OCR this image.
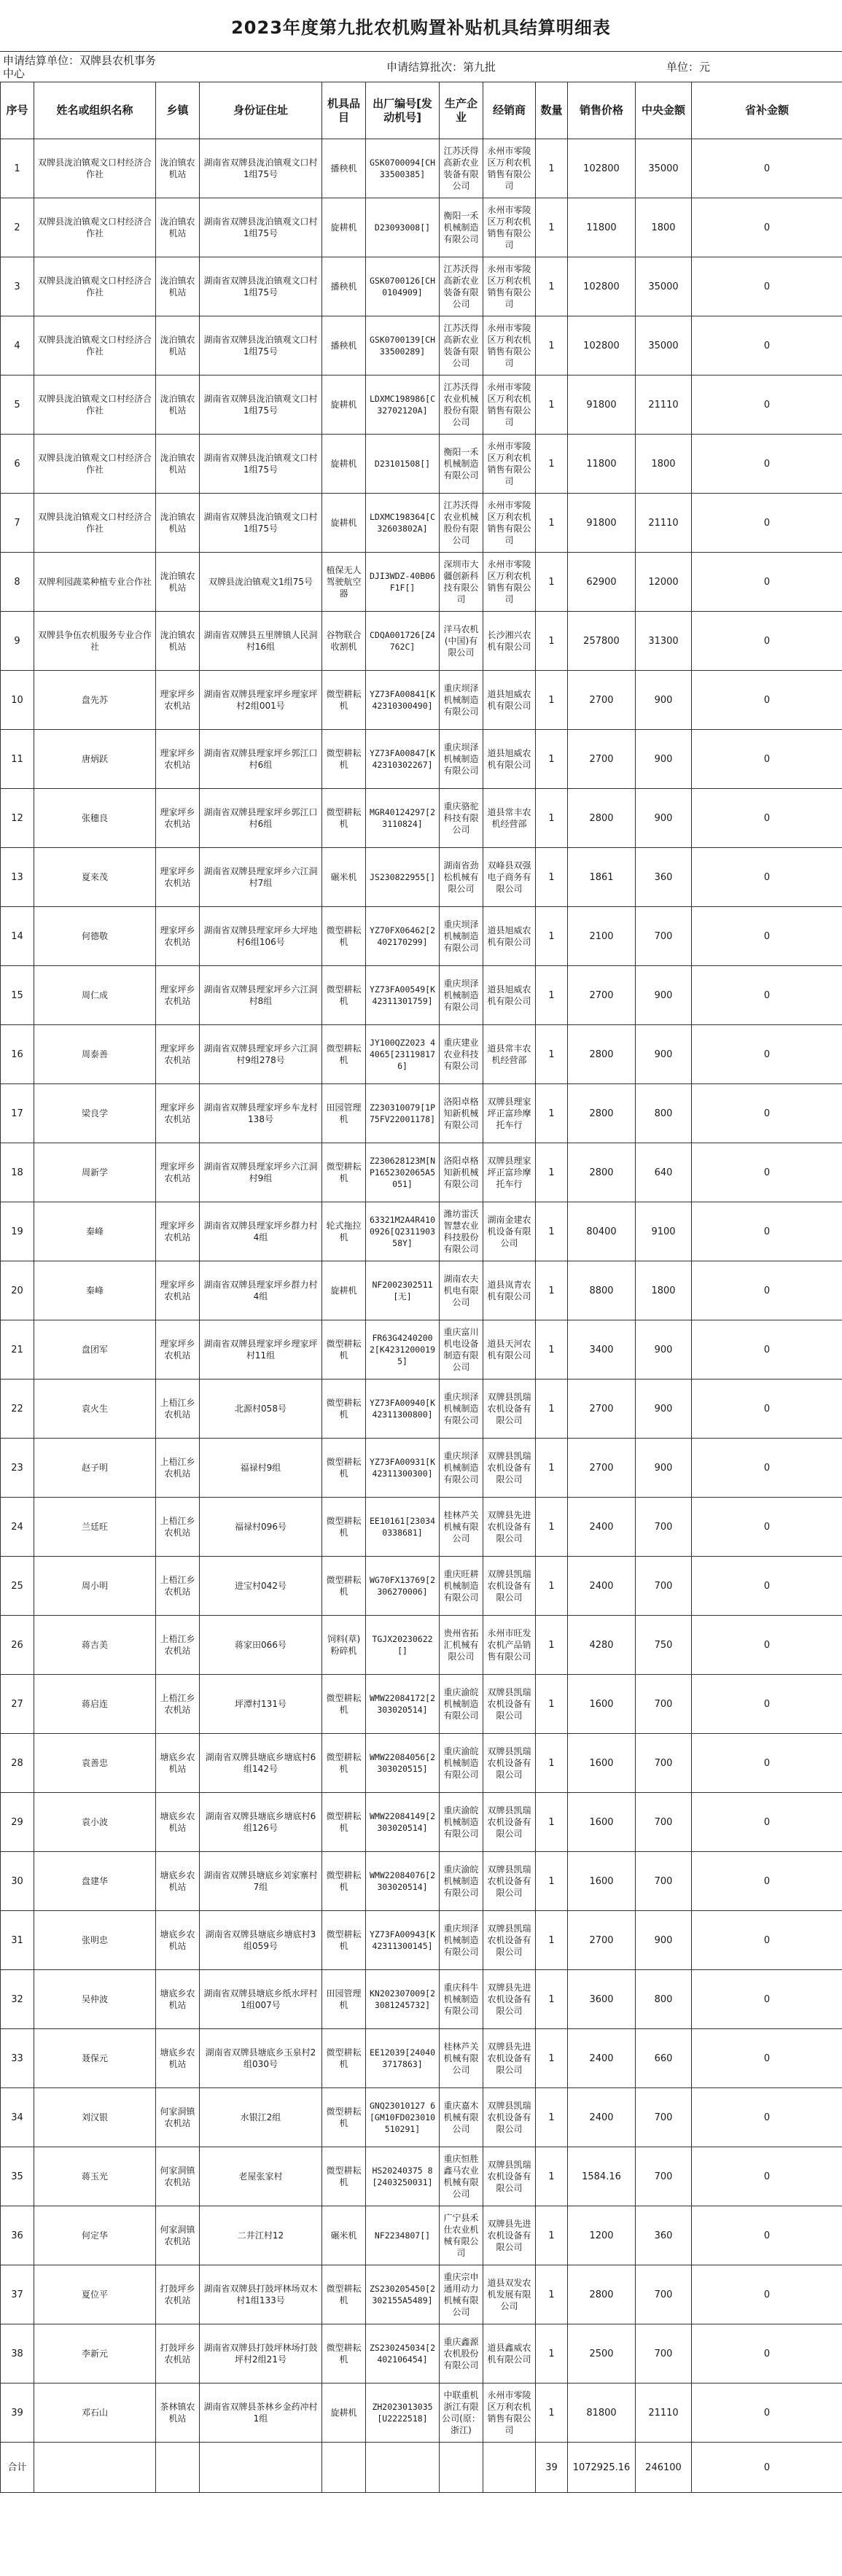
2023年度第九批农机购置补贴机具结算明细表
申请结算单位：双牌县农机事务中心	申请结算批次：第九批	单位：元
序号	姓名或组织名称	乡镇	身份证住址	机具品目	出厂编号[发动机号]	生产企业	经销商	数量	销售价格	中央金额	省补金额
1	双牌县泷泊镇观文口村经济合作社	泷泊镇农机站	湖南省双牌县泷泊镇观文口村1组75号	播秧机	GSK0700094[CH33500385]	江苏沃得高新农业装备有限公司	永州市零陵区万利农机销售有限公司	1	102800	35000	0
2	双牌县泷泊镇观文口村经济合作社	泷泊镇农机站	湖南省双牌县泷泊镇观文口村1组75号	旋耕机	D23093008[]	衡阳一禾机械制造有限公司	永州市零陵区万利农机销售有限公司	1	11800	1800	0
3	双牌县泷泊镇观文口村经济合作社	泷泊镇农机站	湖南省双牌县泷泊镇观文口村1组75号	播秧机	GSK0700126[CH0104909]	江苏沃得高新农业装备有限公司	永州市零陵区万利农机销售有限公司	1	102800	35000	0
4	双牌县泷泊镇观文口村经济合作社	泷泊镇农机站	湖南省双牌县泷泊镇观文口村1组75号	播秧机	GSK0700139[CH33500289]	江苏沃得高新农业装备有限公司	永州市零陵区万利农机销售有限公司	1	102800	35000	0
5	双牌县泷泊镇观文口村经济合作社	泷泊镇农机站	湖南省双牌县泷泊镇观文口村1组75号	旋耕机	LDXMC198986[C32702120A]	江苏沃得农业机械股份有限公司	永州市零陵区万利农机销售有限公司	1	91800	21110	0
6	双牌县泷泊镇观文口村经济合作社	泷泊镇农机站	湖南省双牌县泷泊镇观文口村1组75号	旋耕机	D23101508[]	衡阳一禾机械制造有限公司	永州市零陵区万利农机销售有限公司	1	11800	1800	0
7	双牌县泷泊镇观文口村经济合作社	泷泊镇农机站	湖南省双牌县泷泊镇观文口村1组75号	旋耕机	LDXMC198364[C32603802A]	江苏沃得农业机械股份有限公司	永州市零陵区万利农机销售有限公司	1	91800	21110	0
8	双牌利园蔬菜种植专业合作社	泷泊镇农机站	双牌县泷泊镇观文1组75号	植保无人驾驶航空器	DJI3WDZ-40B06F1F[]	深圳市大疆创新科技有限公司	永州市零陵区万利农机销售有限公司	1	62900	12000	0
9	双牌县争伍农机服务专业合作社	泷泊镇农机站	湖南省双牌县五里牌镇人民洞村16组	谷物联合收割机	CDQA001726[Z4762C]	洋马农机(中国)有限公司	长沙湘兴农机有限公司	1	257800	31300	0
10	盘先苏	理家坪乡农机站	湖南省双牌县理家坪乡理家坪村2组001号	微型耕耘机	YZ73FA00841[K42310300490]	重庆坝泽机械制造有限公司	道县旭威农机有限公司	1	2700	900	0
11	唐炳跃	理家坪乡农机站	湖南省双牌县理家坪乡郭江口村6组	微型耕耘机	YZ73FA00847[K42310302267]	重庆坝泽机械制造有限公司	道县旭威农机有限公司	1	2700	900	0
12	张穗良	理家坪乡农机站	湖南省双牌县理家坪乡郭江口村6组	微型耕耘机	MGR40124297[23110824]	重庆骆驼科技有限公司	道县常丰农机经营部	1	2800	900	0
13	夏来茂	理家坪乡农机站	湖南省双牌县理家坪乡六江洞村7组	碾米机	JS230822955[]	湖南省劲松机械有限公司	双峰县双强电子商务有限公司	1	1861	360	0
14	何德敬	理家坪乡农机站	湖南省双牌县理家坪乡大坪地村6组106号	微型耕耘机	YZ70FX06462[2402170299]	重庆坝泽机械制造有限公司	道县旭威农机有限公司	1	2100	700	0
15	周仁成	理家坪乡农机站	湖南省双牌县理家坪乡六江洞村8组	微型耕耘机	YZ73FA00549[K42311301759]	重庆坝泽机械制造有限公司	道县旭威农机有限公司	1	2700	900	0
16	周泰善	理家坪乡农机站	湖南省双牌县理家坪乡六江洞村9组278号	微型耕耘机	JY100QZ2023 44065[231198176]	重庆建业农业科技有限公司	道县常丰农机经营部	1	2800	900	0
17	梁良学	理家坪乡农机站	湖南省双牌县理家坪乡车龙村138号	田园管理机	Z230310079[1P75FV22001178]	洛阳卓格知新机械有限公司	双牌县理家坪正富珍摩托车行	1	2800	800	0
18	周新学	理家坪乡农机站	湖南省双牌县理家坪乡六江洞村9组	微型耕耘机	Z230628123M[NP1652302065A5051]	洛阳卓格知新机械有限公司	双牌县理家坪正富珍摩托车行	1	2800	640	0
19	秦峰	理家坪乡农机站	湖南省双牌县理家坪乡群力村4组	轮式拖拉机	63321M2A4R4100926[Q231190358Y]	潍坊雷沃智慧农业科技股份有限公司	湖南金建农机设备有限公司	1	80400	9100	0
20	秦峰	理家坪乡农机站	湖南省双牌县理家坪乡群力村4组	旋耕机	NF2002302511[无]	湖南农夫机电有限公司	道县岚青农机有限公司	1	8800	1800	0
21	盘团军	理家坪乡农机站	湖南省双牌县理家坪乡理家坪村11组	微型耕耘机	FR63G4240200 2[K42312000195]	重庆富川机电设备制造有限公司	道县天河农机有限公司	1	3400	900	0
22	袁火生	上梧江乡农机站	北源村058号	微型耕耘机	YZ73FA00940[K42311300800]	重庆坝泽机械制造有限公司	双牌县凯瑞农机设备有限公司	1	2700	900	0
23	赵子明	上梧江乡农机站	福禄村9组	微型耕耘机	YZ73FA00931[K42311300300]	重庆坝泽机械制造有限公司	双牌县凯瑞农机设备有限公司	1	2700	900	0
24	兰廷旺	上梧江乡农机站	福禄村096号	微型耕耘机	EE10161[230340338681]	桂林芦关机械有限公司	双牌县先进农机设备有限公司	1	2400	700	0
25	周小明	上梧江乡农机站	进宝村042号	微型耕耘机	WG70FX13769[2306270006]	重庆旺耕机械制造有限公司	双牌县凯瑞农机设备有限公司	1	2400	700	0
26	蒋吉美	上梧江乡农机站	蒋家田066号	饲料(草)粉碎机	TGJX20230622[]	贵州省拓汇机械有限公司	永州市旺发农机产品销售有限公司	1	4280	750	0
27	蒋启连	上梧江乡农机站	坪潭村131号	微型耕耘机	WMW22084172[2303020514]	重庆渝皖机械制造有限公司	双牌县凯瑞农机设备有限公司	1	1600	700	0
28	袁善忠	塘底乡农机站	湖南省双牌县塘底乡塘底村6组142号	微型耕耘机	WMW22084056[2303020515]	重庆渝皖机械制造有限公司	双牌县凯瑞农机设备有限公司	1	1600	700	0
29	袁小波	塘底乡农机站	湖南省双牌县塘底乡塘底村6组126号	微型耕耘机	WMW22084149[2303020514]	重庆渝皖机械制造有限公司	双牌县凯瑞农机设备有限公司	1	1600	700	0
30	盘建华	塘底乡农机站	湖南省双牌县塘底乡刘家寨村7组	微型耕耘机	WMW22084076[2303020514]	重庆渝皖机械制造有限公司	双牌县凯瑞农机设备有限公司	1	1600	700	0
31	张明忠	塘底乡农机站	湖南省双牌县塘底乡塘底村3组059号	微型耕耘机	YZ73FA00943[K42311300145]	重庆坝泽机械制造有限公司	双牌县凯瑞农机设备有限公司	1	2700	900	0
32	吴仲波	塘底乡农机站	湖南省双牌县塘底乡纸水坪村1组007号	田园管理机	KN202307009[23081245732]	重庆科牛机械制造有限公司	双牌县先进农机设备有限公司	1	3600	800	0
33	聂保元	塘底乡农机站	湖南省双牌县塘底乡玉泉村2组030号	微型耕耘机	EE12039[240403717863]	桂林芦关机械有限公司	双牌县先进农机设备有限公司	1	2400	660	0
34	刘汉银	何家洞镇农机站	水银江2组	微型耕耘机	GNQ23010127 6[GM10FD023010510291]	重庆嘉木机械有限公司	双牌县凯瑞农机设备有限公司	1	2400	700	0
35	蒋玉光	何家洞镇农机站	老屋张家村	微型耕耘机	HS20240375 8[2403250031]	重庆恒胜鑫马农业机械有限公司	双牌县凯瑞农机设备有限公司	1	1584.16	700	0
36	何定华	何家洞镇农机站	二井江村12	碾米机	NF2234807[]	广宁县禾仕农业机械有限公司	双牌县先进农机设备有限公司	1	1200	360	0
37	夏位平	打鼓坪乡农机站	湖南省双牌县打鼓坪林场双木村1组133号	微型耕耘机	ZS230205450[2302155A5489]	重庆宗申通用动力机械有限公司	道县双发农机发展有限公司	1	2800	700	0
38	李新元	打鼓坪乡农机站	湖南省双牌县打鼓坪林场打鼓坪村2组21号	微型耕耘机	ZS230245034[2402106454]	重庆鑫源农机股份有限公司	道县鑫威农机有限公司	1	2500	700	0
39	邓石山	茶林镇农机站	湖南省双牌县茶林乡金药冲村1组	旋耕机	ZH2023013035[U2222518]	中联重机浙江有限公司(原：浙江)	永州市零陵区万利农机销售有限公司	1	81800	21110	0
合计								39	1072925.16	246100	0
